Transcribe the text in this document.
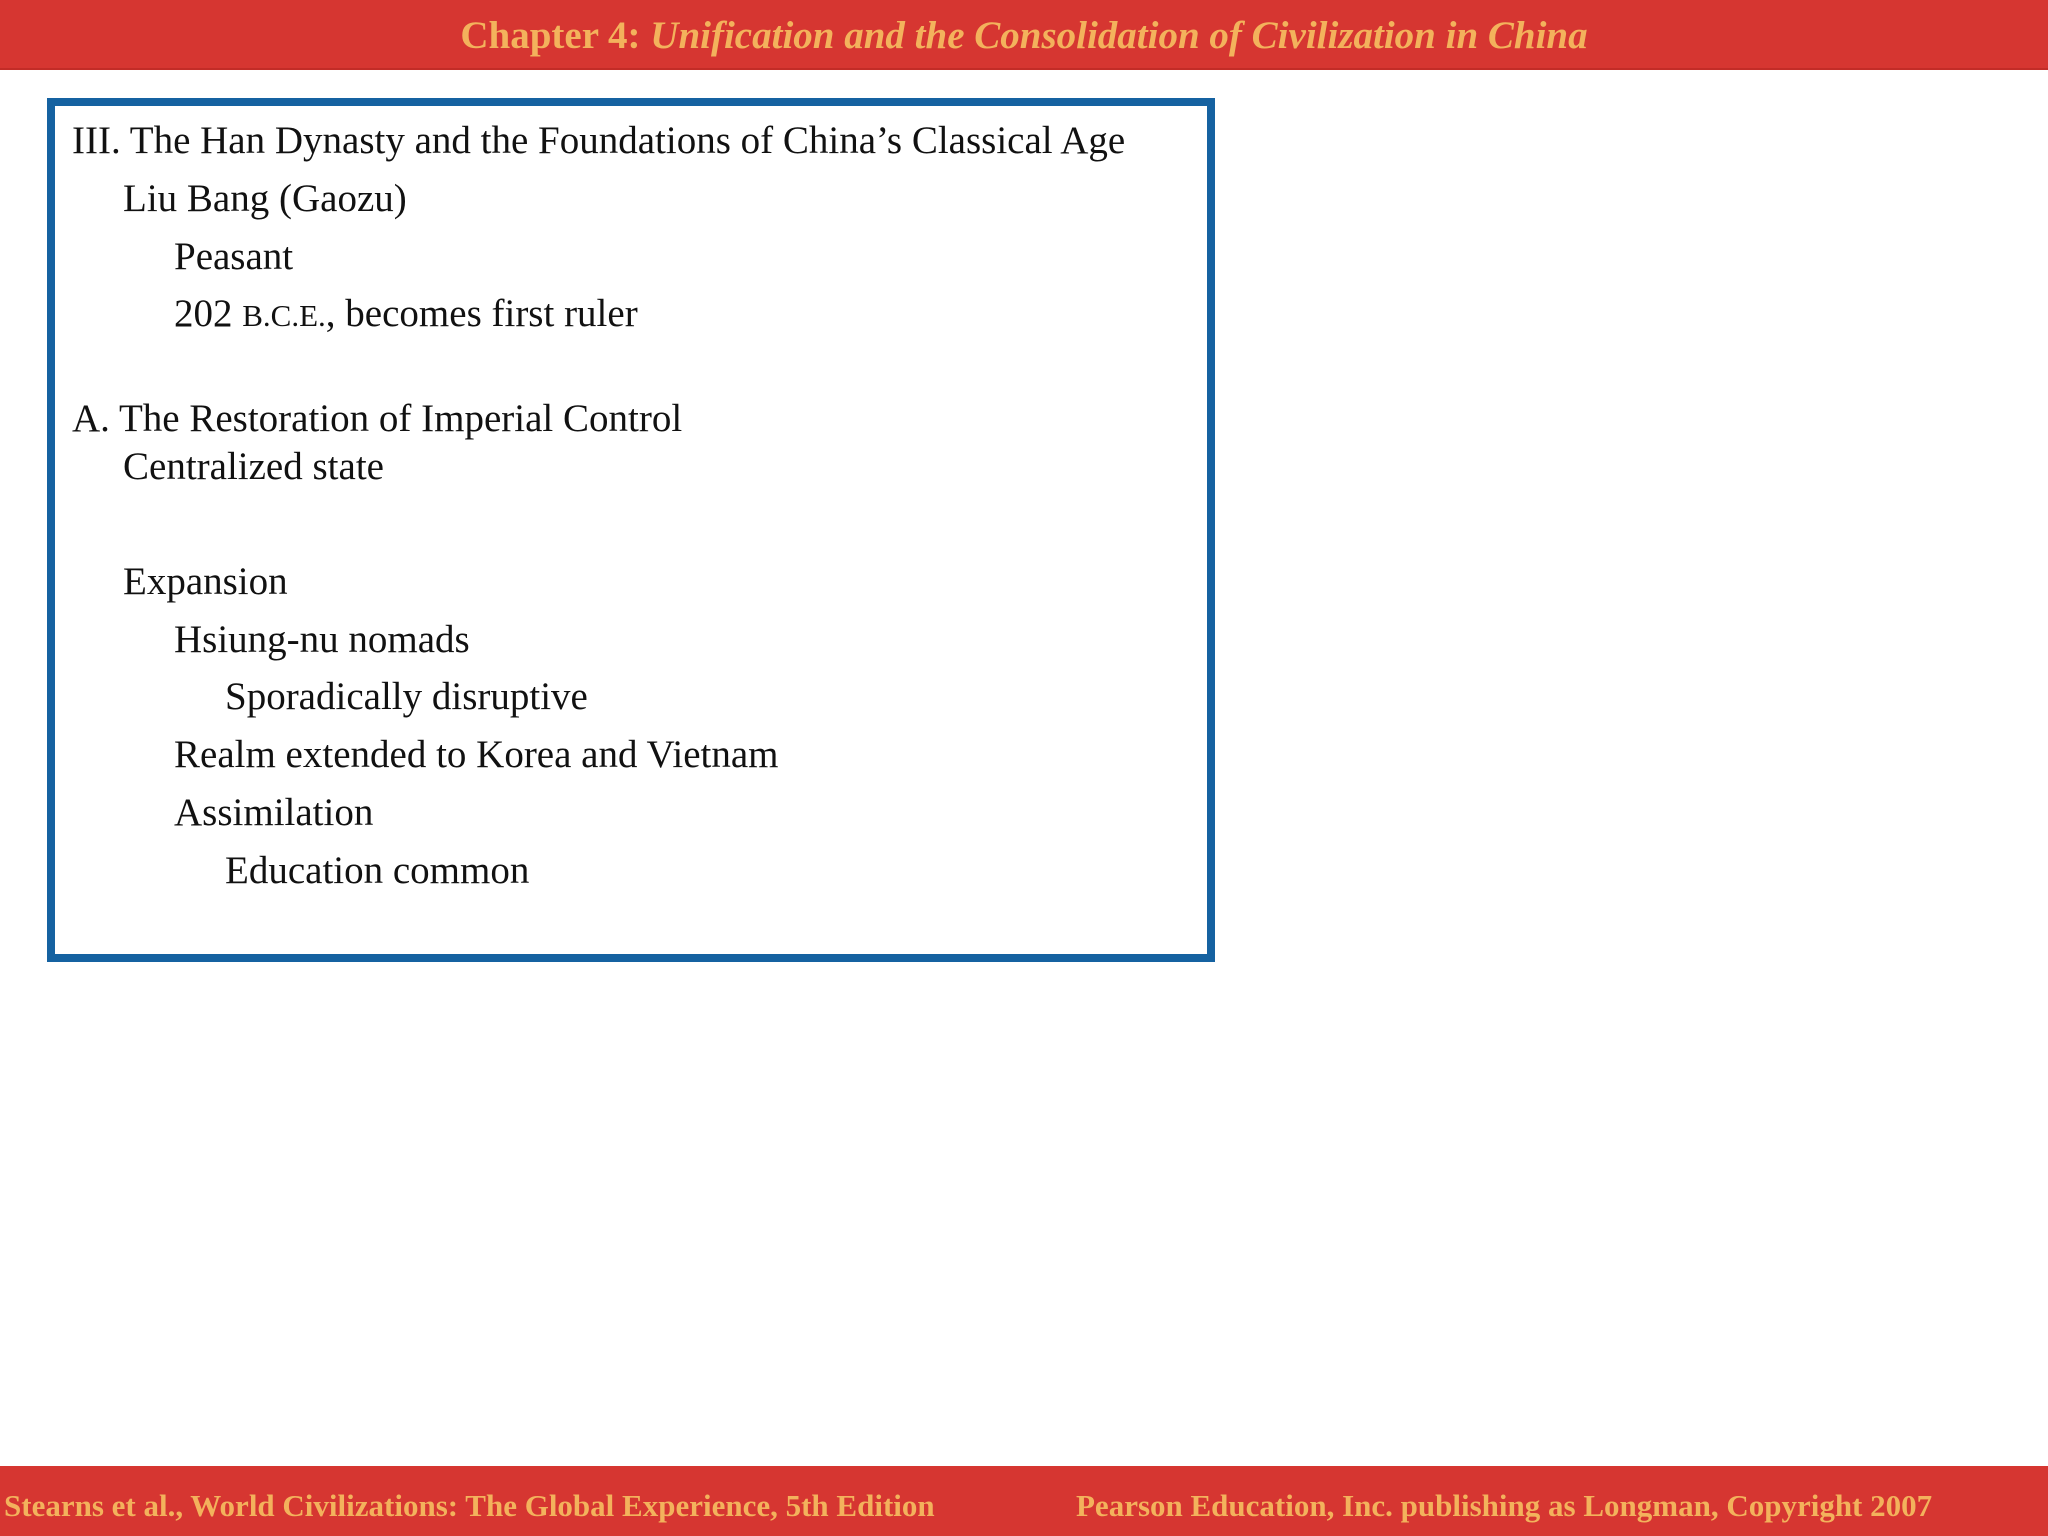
Chapter 4: Unification and the Consolidation of Civilization in China
III. The Han Dynasty and the Foundations of China’s Classical Age
Liu Bang (Gaozu)
Peasant
202 B.C.E., becomes first ruler
A. The Restoration of Imperial Control
Centralized state
Expansion
Hsiung-nu nomads
Sporadically disruptive
Realm extended to Korea and Vietnam
Assimilation
Education common
Stearns et al., World Civilizations: The Global Experience, 5th Edition	Pearson Education, Inc. publishing as Longman, Copyright 2007
